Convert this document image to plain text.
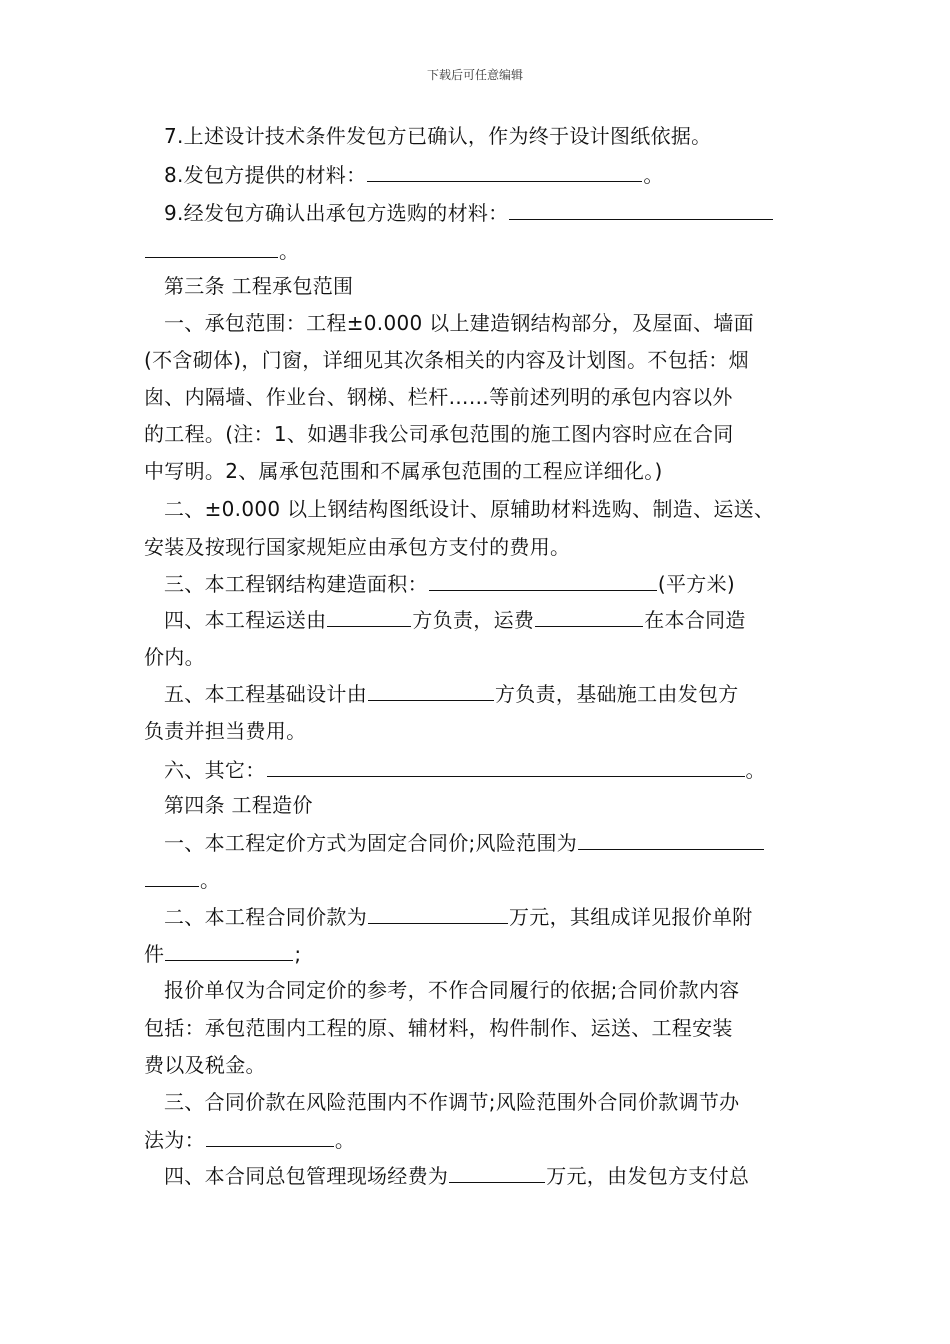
下载后可任意编辑
7.上述设计技术条件发包方已确认，作为终于设计图纸依据。
8.发包方提供的材料：	。
9.经发包方确认出承包方选购的材料：
。
第三条 工程承包范围
一、承包范围：工程±0.000 以上建造钢结构部分，及屋面、墙面
(不含砌体)，门窗，详细见其次条相关的内容及计划图。不包括：烟
囱、内隔墙、作业台、钢梯、栏杆……等前述列明的承包内容以外
的工程。(注：1、如遇非我公司承包范围的施工图内容时应在合同
中写明。2、属承包范围和不属承包范围的工程应详细化。)
二、±0.000 以上钢结构图纸设计、原辅助材料选购、制造、运送、
安装及按现行国家规矩应由承包方支付的费用。
三、本工程钢结构建造面积：	(平方米)
四、本工程运送由	方负责，运费	在本合同造
价内。
五、本工程基础设计由	方负责，基础施工由发包方
负责并担当费用。
六、其它：	。
第四条 工程造价
一、本工程定价方式为固定合同价;风险范围为
。
二、本工程合同价款为	万元，其组成详见报价单附
件	;
报价单仅为合同定价的参考，不作合同履行的依据;合同价款内容
包括：承包范围内工程的原、辅材料，构件制作、运送、工程安装
费以及税金。
三、合同价款在风险范围内不作调节;风险范围外合同价款调节办
法为：	。
四、本合同总包管理现场经费为	万元，由发包方支付总
